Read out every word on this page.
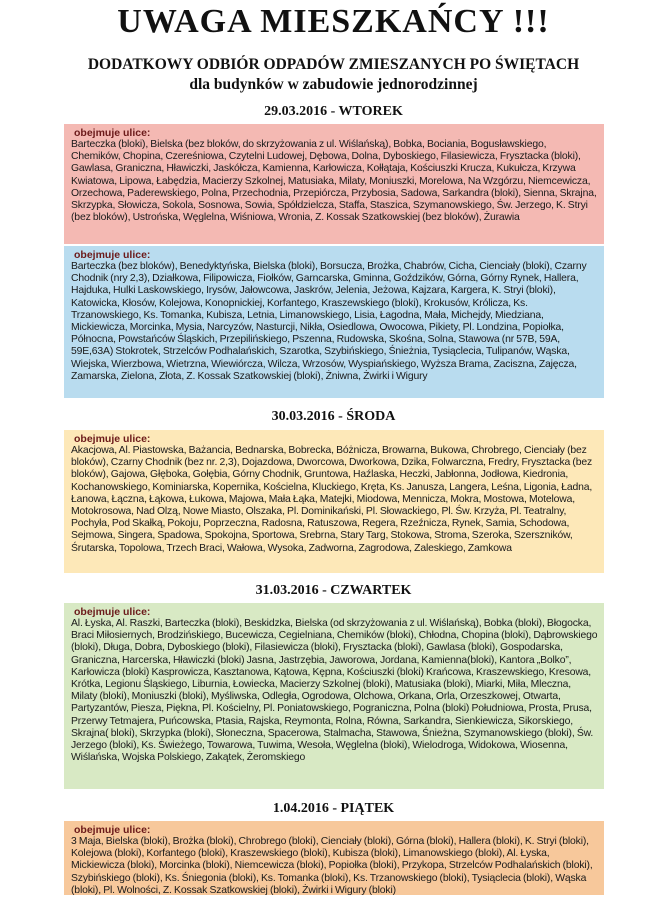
UWAGA MIESZKAŃCY !!!
DODATKOWY ODBIÓR ODPADÓW ZMIESZANYCH PO ŚWIĘTACH
dla budynków w zabudowie jednorodzinnej
29.03.2016 - WTOREK
obejmuje ulice:
Barteczka (bloki), Bielska (bez bloków, do skrzyżowania z ul. Wiślańską), Bobka, Bociania, Bogusławskiego, Chemików, Chopina, Czereśniowa, Czytelni Ludowej, Dębowa, Dolna, Dyboskiego, Filasiewicza, Frysztacka (bloki), Gawlasa, Graniczna, Hławiczki, Jaskółcza, Kamienna, Karłowicza, Kołłątaja, Kościuszki Krucza, Kukułcza, Krzywa Kwiatowa, Lipowa, Łabędzia, Macierzy Szkolnej, Matusiaka, Milaty, Moniuszki, Morelowa, Na Wzgórzu, Niemcewicza, Orzechowa, Paderewskiego, Polna, Przechodnia, Przepiórcza, Przybosia, Sadowa, Sarkandra (bloki), Sienna, Skrajna, Skrzypka, Słowicza, Sokola, Sosnowa, Sowia, Spółdzielcza, Staffa, Staszica, Szymanowskiego, Św. Jerzego, K. Stryi (bez bloków), Ustrońska, Węglelna, Wiśniowa, Wronia, Z. Kossak Szatkowskiej (bez bloków), Żurawia
obejmuje ulice:
Barteczka (bez bloków), Benedyktyńska, Bielska (bloki), Borsucza, Brożka, Chabrów, Cicha, Cienciały (bloki), Czarny Chodnik (nry 2,3), Działkowa, Filipowicza, Fiołków, Garncarska, Gminna, Goździków, Górna, Górny Rynek, Hallera, Hajduka, Hulki Laskowskiego, Irysów, Jałowcowa, Jaskrów, Jelenia, Jeżowa, Kajzara, Kargera, K. Stryi (bloki), Katowicka, Kłosów, Kolejowa, Konopnickiej, Korfantego, Kraszewskiego (bloki), Krokusów, Królicza, Ks. Trzanowskiego, Ks. Tomanka, Kubisza, Letnia, Limanowskiego, Lisia, Łagodna, Mała, Michejdy, Miedziana, Mickiewicza, Morcinka, Mysia, Narcyzów, Nasturcji, Nikła, Osiedlowa, Owocowa, Pikiety, Pl. Londzina, Popiołka, Północna, Powstańców Śląskich, Przepilińskiego, Pszenna, Rudowska, Skośna, Solna, Stawowa (nr 57B, 59A, 59E,63A) Stokrotek, Strzelców Podhalańskich, Szarotka, Szybińskiego, Śnieżnia, Tysiąclecia, Tulipanów, Wąska, Wiejska, Wierzbowa, Wietrzna, Wiewiórcza, Wilcza, Wrzosów, Wyspiańskiego, Wyższa Brama, Zaciszna, Zajęcza, Zamarska, Zielona, Złota, Z. Kossak Szatkowskiej (bloki), Żniwna, Żwirki i Wigury
30.03.2016 - ŚRODA
obejmuje ulice:
Akacjowa, Al. Piastowska, Bażancia, Bednarska, Bobrecka, Bóżnicza, Browarna, Bukowa, Chrobrego, Cienciały (bez bloków), Czarny Chodnik (bez nr. 2,3), Dojazdowa, Dworcowa, Dworkowa, Dzika, Folwarczna, Fredry, Frysztacka (bez bloków), Gajowa, Głęboka, Gołębia, Górny Chodnik, Gruntowa, Haźlaska, Heczki, Jabłonna, Jodłowa, Kiedronia, Kochanowskiego, Kominiarska, Kopernika, Kościelna, Kluckiego, Kręta, Ks. Janusza, Langera, Leśna, Ligonia, Ładna, Łanowa, Łączna, Łąkowa, Łukowa, Majowa, Mała Łąka, Matejki, Miodowa, Mennicza, Mokra, Mostowa, Motelowa, Motokrosowa, Nad Olzą, Nowe Miasto, Olszaka, Pl. Dominikański, Pl. Słowackiego, Pl. Św. Krzyża, Pl. Teatralny, Pochyła, Pod Skałką, Pokoju, Poprzeczna, Radosna, Ratuszowa, Regera, Rzeźnicza, Rynek, Samia, Schodowa, Sejmowa, Singera, Spadowa, Spokojna, Sportowa, Srebrna, Stary Targ, Stokowa, Stroma, Szeroka, Szerszników, Śrutarska, Topolowa, Trzech Braci, Wałowa, Wysoka, Zadworna, Zagrodowa, Zaleskiego, Zamkowa
31.03.2016 - CZWARTEK
obejmuje ulice:
Al. Łyska, Al. Raszki, Barteczka (bloki), Beskidzka, Bielska (od skrzyżowania z ul. Wiślańską), Bobka (bloki), Błogocka, Braci Miłosiernych, Brodzińskiego, Bucewicza, Cegielniana, Chemików (bloki), Chłodna, Chopina (bloki), Dąbrowskiego (bloki), Długa, Dobra, Dyboskiego (bloki), Filasiewicza (bloki), Frysztacka (bloki), Gawlasa (bloki), Gospodarska, Graniczna, Harcerska, Hławiczki (bloki) Jasna, Jastrzębia, Jaworowa, Jordana, Kamienna(bloki), Kantora „Bolko”, Karłowicza (bloki) Kasprowicza, Kasztanowa, Kątowa, Kępna, Kościuszki (bloki) Krańcowa, Kraszewskiego, Kresowa, Krótka, Legionu Śląskiego, Liburnia, Łowiecka, Macierzy Szkolnej (bloki), Matusiaka (bloki), Miarki, Miła, Mleczna, Milaty (bloki), Moniuszki (bloki), Myśliwska, Odległa, Ogrodowa, Olchowa, Orkana, Orla, Orzeszkowej, Otwarta, Partyzantów, Piesza, Piękna, Pl. Kościelny, Pl. Poniatowskiego, Pograniczna, Polna (bloki) Południowa, Prosta, Prusa, Przerwy Tetmajera, Puńcowska, Ptasia, Rajska, Reymonta, Rolna, Równa, Sarkandra, Sienkiewicza, Sikorskiego, Skrajna( bloki), Skrzypka (bloki), Słoneczna, Spacerowa, Stalmacha, Stawowa, Śnieżna, Szymanowskiego (bloki), Św. Jerzego (bloki), Ks. Świeżego, Towarowa, Tuwima, Wesoła, Węglelna (bloki), Wielodroga, Widokowa, Wiosenna, Wiślańska, Wojska Polskiego, Zakątek, Żeromskiego
1.04.2016 - PIĄTEK
obejmuje ulice:
3 Maja, Bielska (bloki), Brożka (bloki), Chrobrego (bloki), Cienciały (bloki), Górna (bloki), Hallera (bloki), K. Stryi (bloki), Kolejowa (bloki), Korfantego (bloki), Kraszewskiego (bloki), Kubisza (bloki), Limanowskiego (bloki), Al. Łyska, Mickiewicza (bloki), Morcinka (bloki), Niemcewicza (bloki), Popiołka (bloki), Przykopa, Strzelców Podhalańskich (bloki), Szybińskiego (bloki), Ks. Śniegonia (bloki), Ks. Tomanka (bloki), Ks. Trzanowskiego (bloki), Tysiąclecia (bloki), Wąska (bloki), Pl. Wolności, Z. Kossak Szatkowskiej (bloki), Żwirki i Wigury (bloki)
